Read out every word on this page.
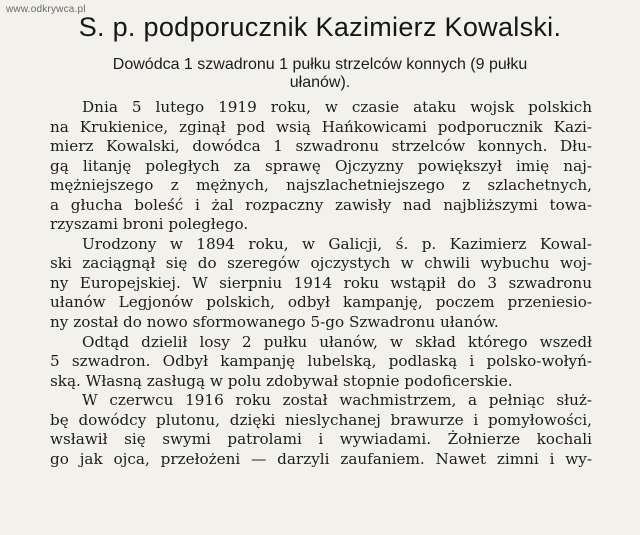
www.odkrywca.pl
S. p. podporucznik Kazimierz Kowalski.
Dowódca 1 szwadronu 1 pułku strzelców konnych (9 pułku
ułanów).
Dnia 5 lutego 1919 roku, w czasie ataku wojsk polskich
na Krukienice, zginął pod wsią Hańkowicami podporucznik Kazi-
mierz Kowalski, dowódca 1 szwadronu strzelców konnych. Dłu-
gą litanję poległych za sprawę Ojczyzny powiększył imię naj-
mężniejszego z mężnych, najszlachetniejszego z szlachetnych,
a głucha boleść i żal rozpaczny zawisły nad najbliższymi towa-
rzyszami broni poległego.
Urodzony w 1894 roku, w Galicji, ś. p. Kazimierz Kowal-
ski zaciągnął się do szeregów ojczystych w chwili wybuchu woj-
ny Europejskiej. W sierpniu 1914 roku wstąpił do 3 szwadronu
ułanów Legjonów polskich, odbył kampanję, poczem przeniesio-
ny został do nowo sformowanego 5-go Szwadronu ułanów.
Odtąd dzielił losy 2 pułku ułanów, w skład którego wszedł
5 szwadron. Odbył kampanję lubelską, podlaską i polsko-wołyń-
ską. Własną zasługą w polu zdobywał stopnie podoficerskie.
W czerwcu 1916 roku został wachmistrzem, a pełniąc służ-
bę dowódcy plutonu, dzięki nieslychanej brawurze i pomyłowości,
wsławił się swymi patrolami i wywiadami. Żołnierze kochali
go jak ojca, przełożeni — darzyli zaufaniem. Nawet zimni i wy-
